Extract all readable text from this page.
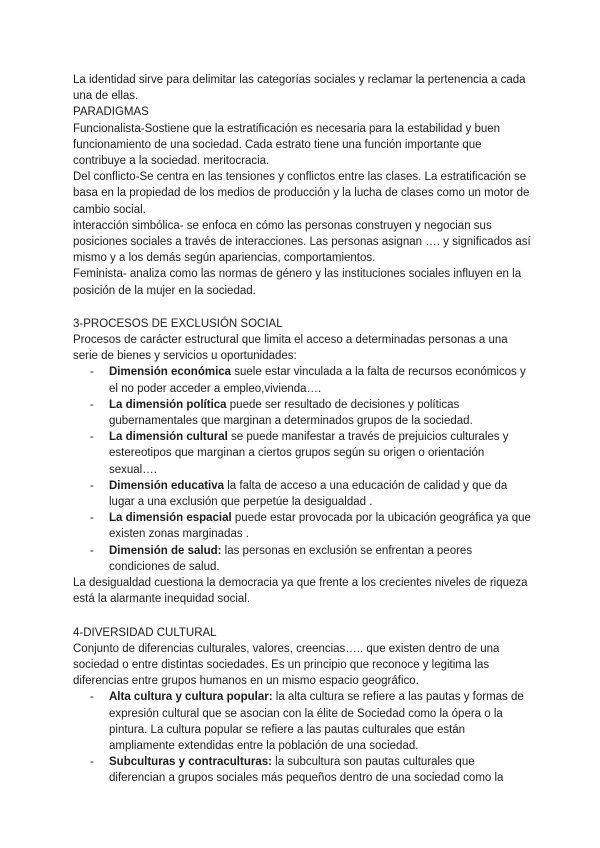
La identidad sirve para delimitar las categorías sociales y reclamar la pertenencia a cada una de ellas.

PARADIGMAS

Funcionalista-Sostiene que la estratificación es necesaria para la estabilidad y buen funcionamiento de una sociedad. Cada estrato tiene una función importante que contribuye a la sociedad. meritocracia.

Del conflicto-Se centra en las tensiones y conflictos entre las clases. La estratificación se basa en la propiedad de los medios de producción y la lucha de clases como un motor de cambio social.

interacción simbólica- se enfoca en cómo las personas construyen y negocian sus posiciones sociales a través de interacciones. Las personas asignan …. y significados así mismo y a los demás según apariencias, comportamientos.

Feminista- analiza como las normas de género y las instituciones sociales influyen en la posición de la mujer en la sociedad.

3-PROCESOS DE EXCLUSIÓN SOCIAL

Procesos de carácter estructural que limita el acceso a determinadas personas a una serie de bienes y servicios u oportunidades:

- Dimensión económica suele estar vinculada a la falta de recursos económicos y el no poder acceder a empleo,vivienda….
- La dimensión política puede ser resultado de decisiones y políticas gubernamentales que marginan a determinados grupos de la sociedad.
- La dimensión cultural se puede manifestar a través de prejuicios culturales y estereotipos que marginan a ciertos grupos según su origen o orientación sexual….
- Dimensión educativa la falta de acceso a una educación de calidad y que da lugar a una exclusión que perpetúe la desigualdad .
- La dimensión espacial puede estar provocada por la ubicación geográfica ya que existen zonas marginadas .
- Dimensión de salud: las personas en exclusión se enfrentan a peores condiciones de salud.

La desigualdad cuestiona la democracia ya que frente a los crecientes niveles de riqueza está la alarmante inequidad social.

4-DIVERSIDAD CULTURAL

Conjunto de diferencias culturales, valores, creencias….. que existen dentro de una sociedad o entre distintas sociedades. Es un principio que reconoce y legitima las diferencias entre grupos humanos en un mismo espacio geográfico.

- Alta cultura y cultura popular: la alta cultura se refiere a las pautas y formas de expresión cultural que se asocian con la élite de Sociedad como la ópera o la pintura. La cultura popular se refiere a las pautas culturales que están ampliamente extendidas entre la población de una sociedad.
- Subculturas y contraculturas: la subcultura son pautas culturales que diferencian a grupos sociales más pequeños dentro de una sociedad como la
